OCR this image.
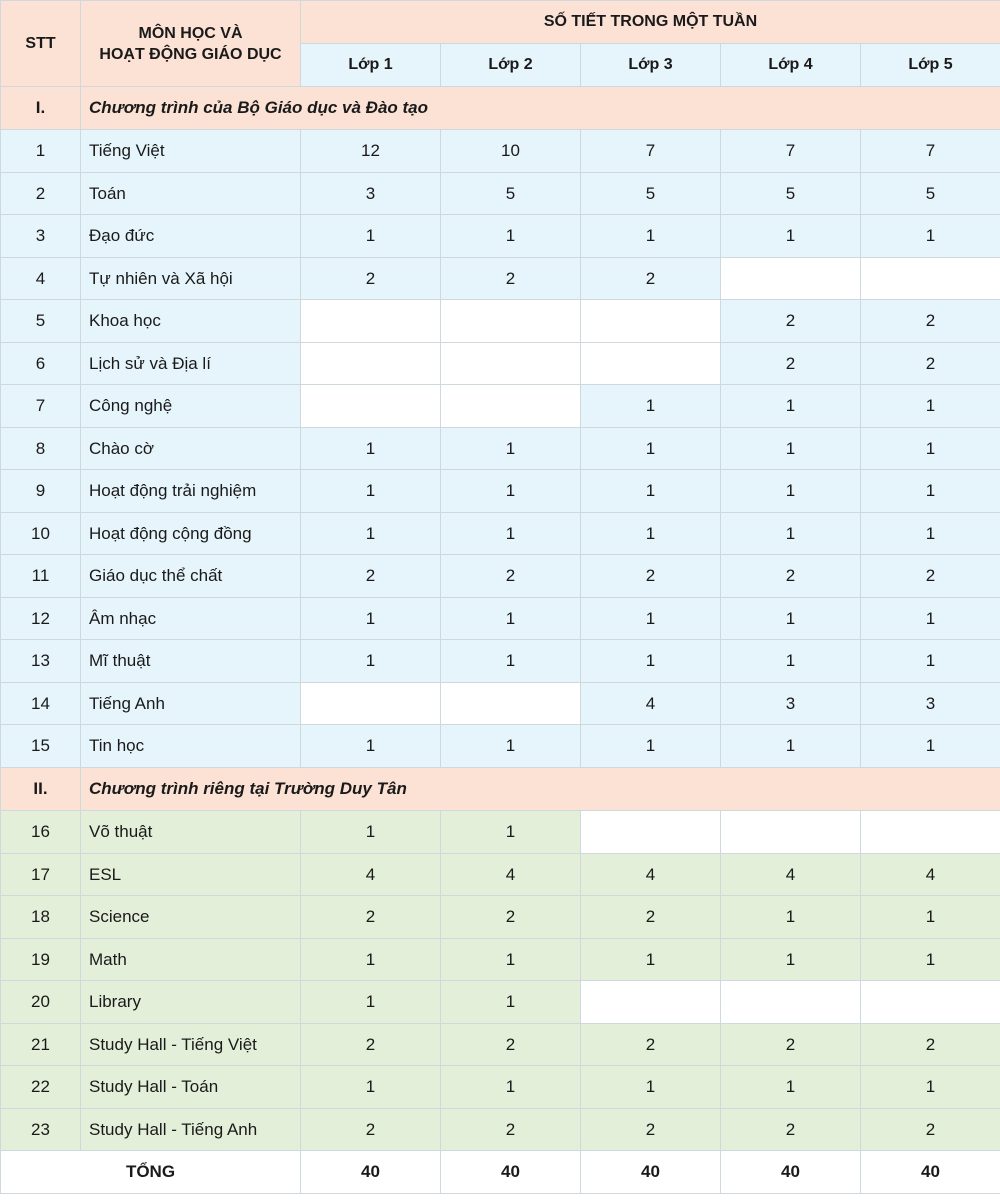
STT	MÔN HỌC VÀ
HOẠT ĐỘNG GIÁO DỤC	SỐ TIẾT TRONG MỘT TUẦN				
		Lớp 1	Lớp 2	Lớp 3	Lớp 4	Lớp 5
I.	Chương trình của Bộ Giáo dục và Đào tạo					
1	Tiếng Việt	12	10	7	7	7
2	Toán	3	5	5	5	5
3	Đạo đức	1	1	1	1	1
4	Tự nhiên và Xã hội	2	2	2		
5	Khoa học				2	2
6	Lịch sử và Địa lí				2	2
7	Công nghệ			1	1	1
8	Chào cờ	1	1	1	1	1
9	Hoạt động trải nghiệm	1	1	1	1	1
10	Hoạt động cộng đồng	1	1	1	1	1
11	Giáo dục thể chất	2	2	2	2	2
12	Âm nhạc	1	1	1	1	1
13	Mĩ thuật	1	1	1	1	1
14	Tiếng Anh			4	3	3
15	Tin học	1	1	1	1	1
II.	Chương trình riêng tại Trường Duy Tân					
16	Võ thuật	1	1			
17	ESL	4	4	4	4	4
18	Science	2	2	2	1	1
19	Math	1	1	1	1	1
20	Library	1	1			
21	Study Hall - Tiếng Việt	2	2	2	2	2
22	Study Hall - Toán	1	1	1	1	1
23	Study Hall - Tiếng Anh	2	2	2	2	2
TỔNG		40	40	40	40	40
